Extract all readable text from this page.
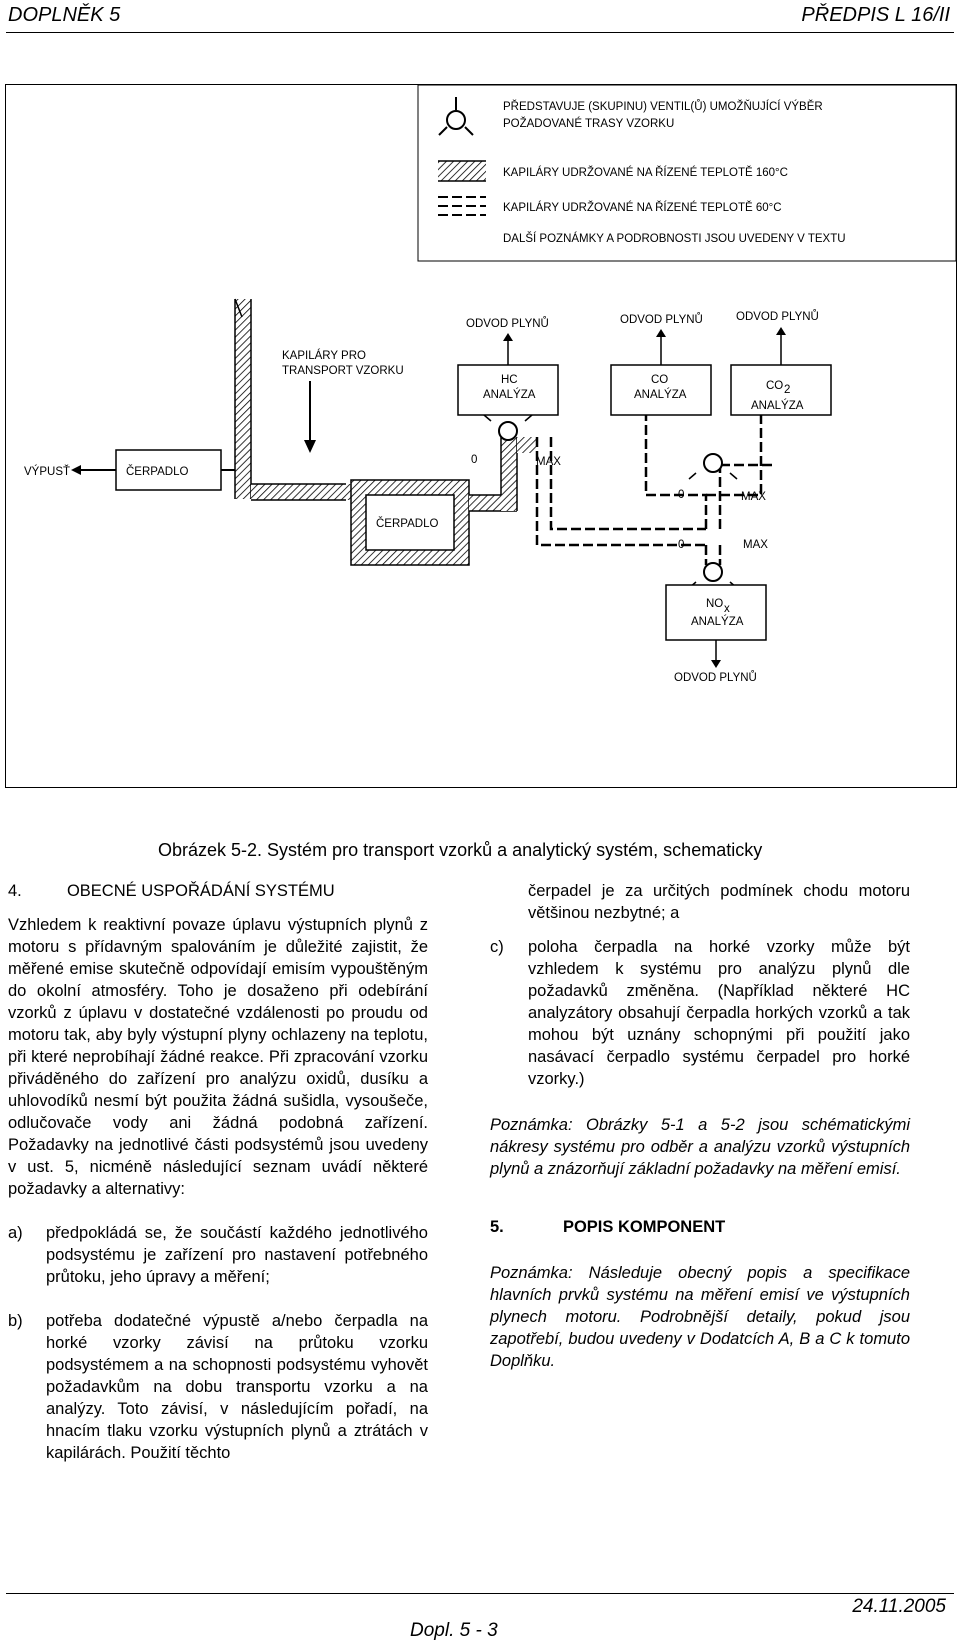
DOPLNĚK 5	PŘEDPIS L 16/II
PŘEDSTAVUJE (SKUPINU) VENTIL(Ů) UMOŽŇUJÍCÍ VÝBĚR
POŽADOVANÉ TRASY VZORKU
KAPILÁRY UDRŽOVANÉ NA ŘÍZENÉ TEPLOTĚ 160°C
KAPILÁRY UDRŽOVANÉ NA ŘÍZENÉ TEPLOTĚ 60°C
DALŠÍ POZNÁMKY A PODROBNOSTI JSOU UVEDENY V TEXTU
KAPILÁRY PRO
TRANSPORT VZORKU
ČERPADLO
VÝPUSŤ
ČERPADLO
HC
ANALÝZA
ODVOD PLYNŮ
0	MAX
CO
ANALÝZA
ODVOD PLYNŮ
CO 2
ANALÝZA
ODVOD PLYNŮ
0	MAX
0	MAX
NO x
ANALÝZA
ODVOD PLYNŮ
Obrázek 5-2. Systém pro transport vzorků a analytický systém, schematicky

4.	OBECNÉ USPOŘÁDÁNÍ SYSTÉMU

Vzhledem k reaktivní povaze úplavu výstupních plynů z motoru s přídavným spalováním je důležité zajistit, že měřené emise skutečně odpovídají emisím vypouštěným do okolní atmosféry. Toho je dosaženo při odebírání vzorků z úplavu v dostatečné vzdálenosti po proudu od motoru tak, aby byly výstupní plyny ochlazeny na teplotu, při které neprobíhají žádné reakce. Při zpracování vzorku přiváděného do zařízení pro analýzu oxidů, dusíku a uhlovodíků nesmí být použita žádná sušidla, vysoušeče, odlučovače vody ani žádná podobná zařízení. Požadavky na jednotlivé části podsystémů jsou uvedeny v ust. 5, nicméně následující seznam uvádí některé požadavky a alternativy:

a) předpokládá se, že součástí každého jednotlivého podsystému je zařízení pro nastavení potřebného průtoku, jeho úpravy a měření;
b) potřeba dodatečné výpustě a/nebo čerpadla na horké vzorky závisí na průtoku vzorku podsystémem a na schopnosti podsystému vyhovět požadavkům na dobu transportu vzorku a na analýzy. Toto závisí, v následujícím pořadí, na hnacím tlaku vzorku výstupních plynů a ztrátách v kapilárách. Použití těchto

čerpadel je za určitých podmínek chodu motoru většinou nezbytné; a

c) poloha čerpadla na horké vzorky může být vzhledem k systému pro analýzu plynů dle požadavků změněna. (Například některé HC analyzátory obsahují čerpadla horkých vzorků a tak mohou být uznány schopnými při použití jako nasávací čerpadlo systému čerpadel pro horké vzorky.)

Poznámka: Obrázky 5-1 a 5-2 jsou schématickými nákresy systému pro odběr a analýzu vzorků výstupních plynů a znázorňují základní požadavky na měření emisí.

5.	POPIS KOMPONENT

Poznámka: Následuje obecný popis a specifikace hlavních prvků systému na měření emisí ve výstupních plynech motoru. Podrobnější detaily, pokud jsou zapotřebí, budou uvedeny v Dodatcích A, B a C k tomuto Doplňku.

Dopl. 5 - 3
24.11.2005
